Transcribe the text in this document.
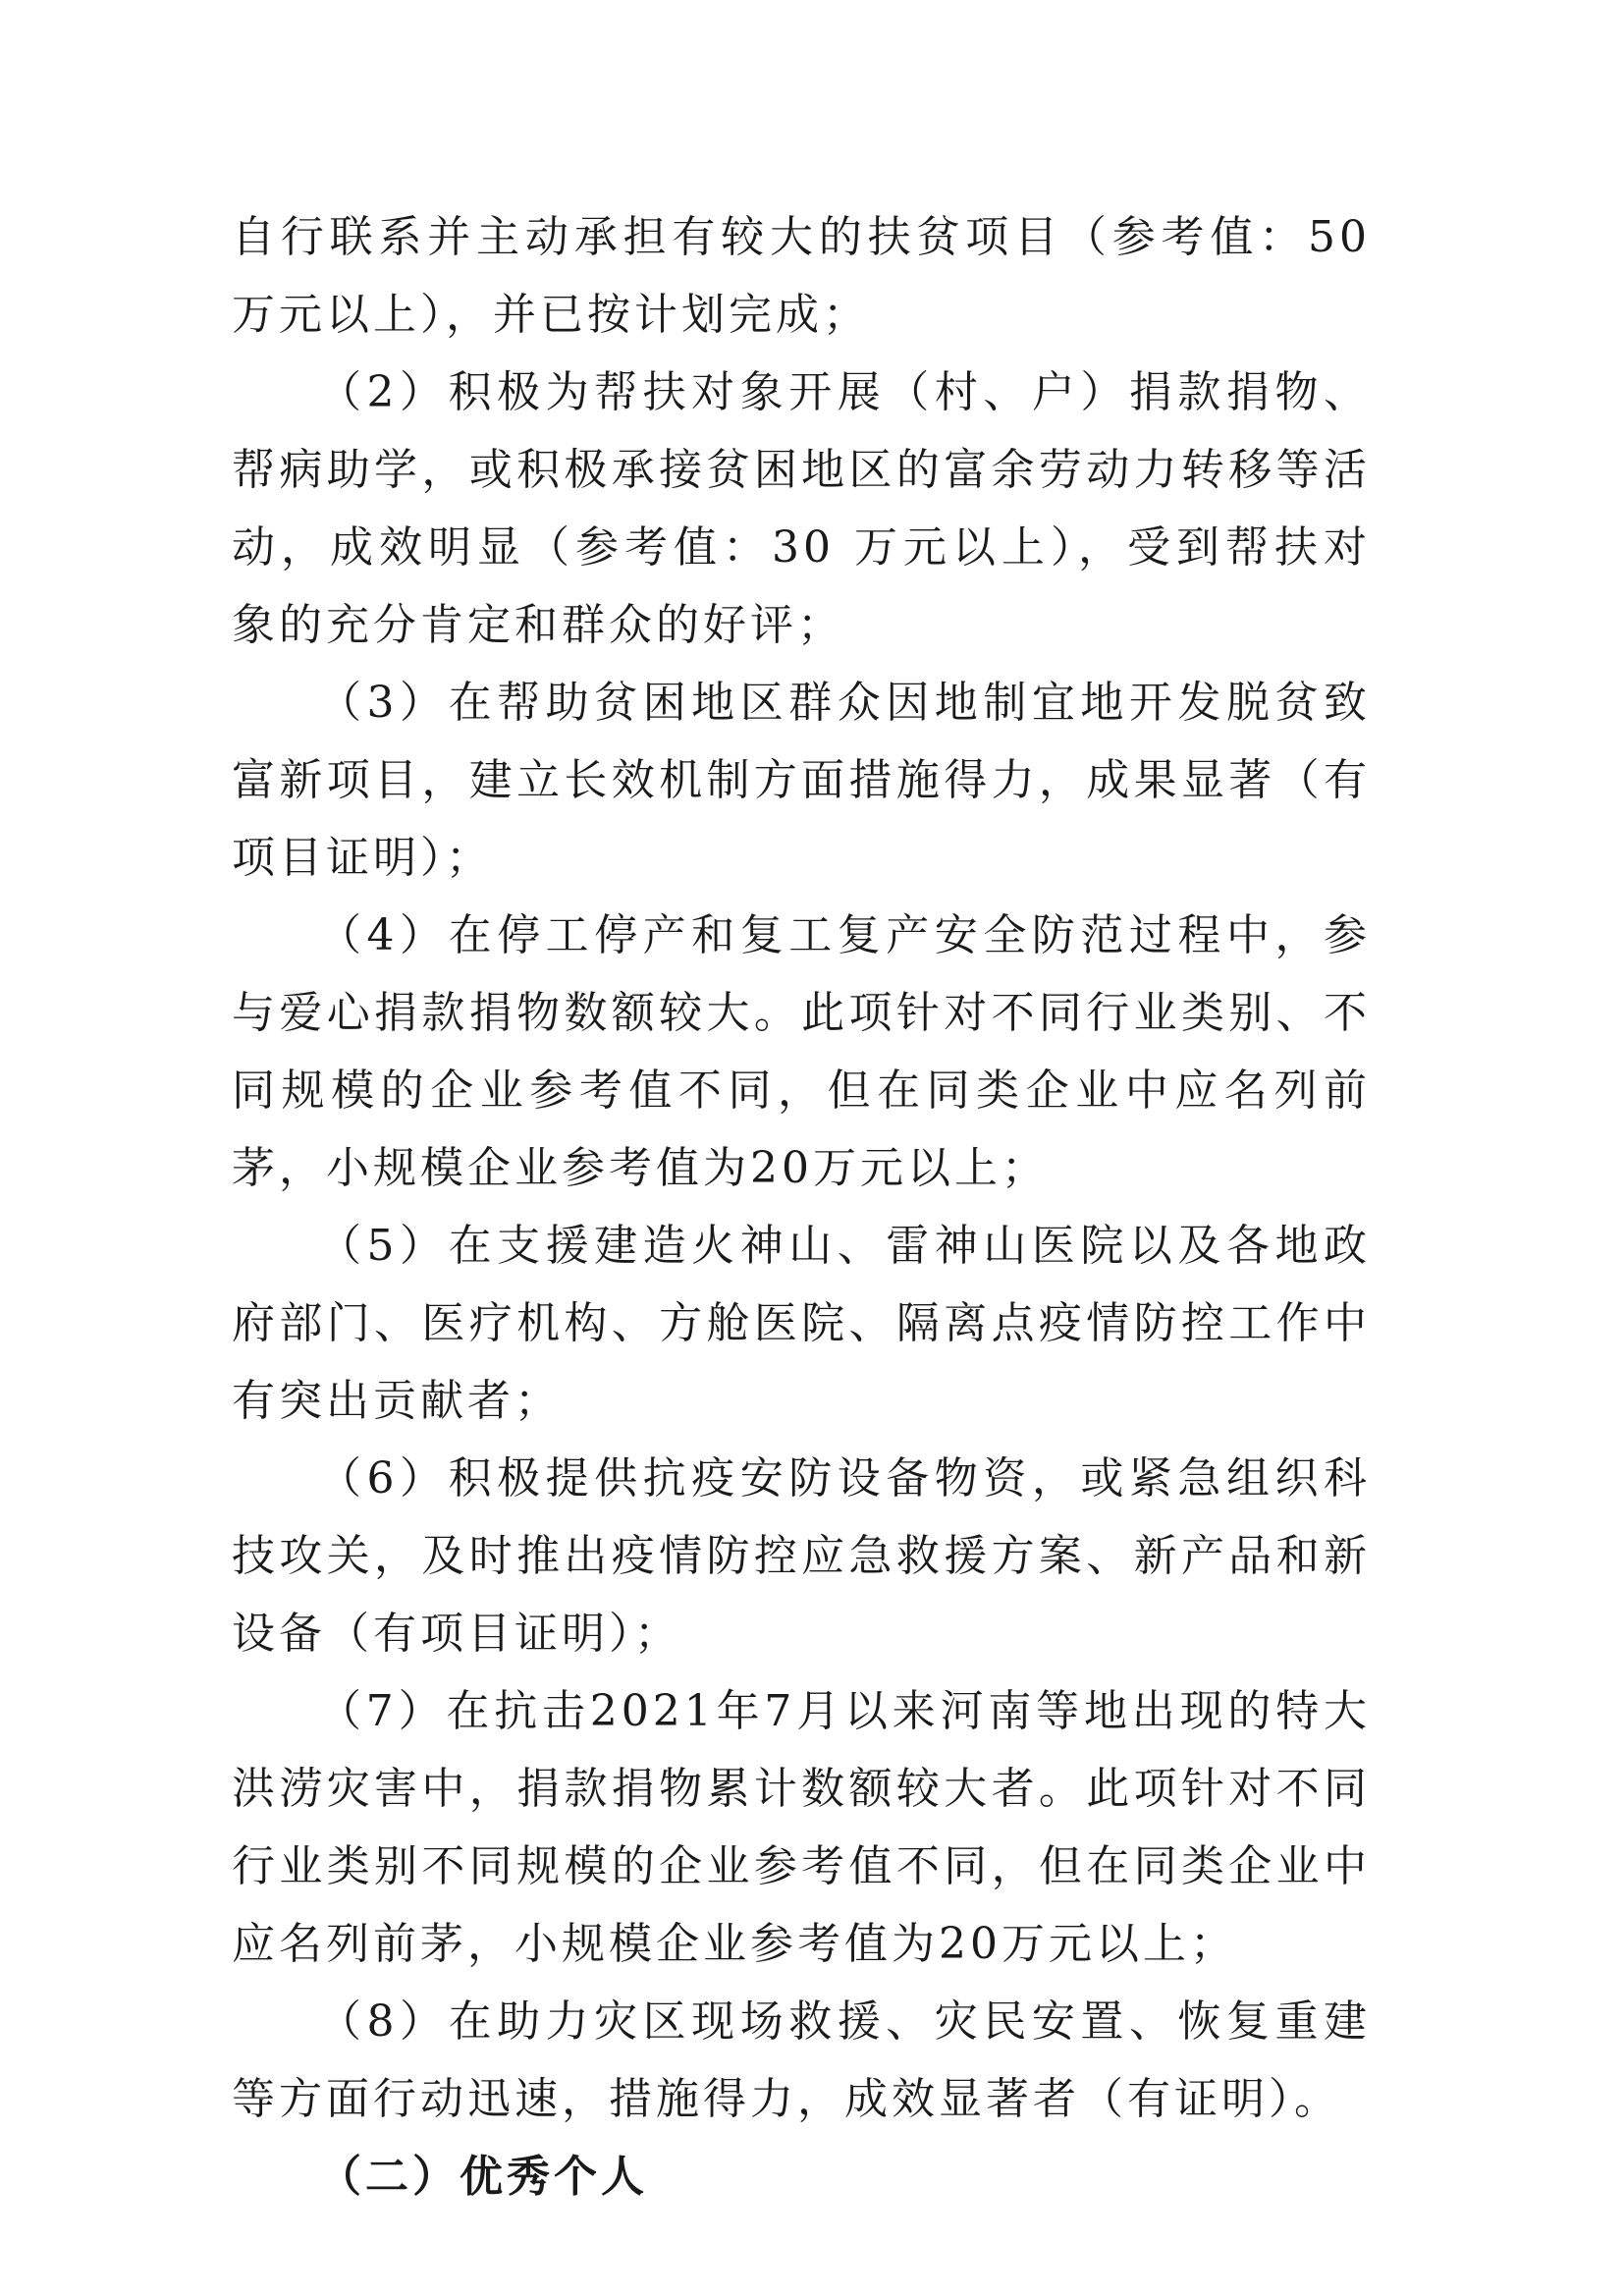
自行联系并主动承担有较大的扶贫项目（参考值：50万元以上），并已按计划完成；

（2）积极为帮扶对象开展（村、户）捐款捐物、帮病助学，或积极承接贫困地区的富余劳动力转移等活动，成效明显（参考值：30 万元以上），受到帮扶对象的充分肯定和群众的好评；

（3）在帮助贫困地区群众因地制宜地开发脱贫致富新项目，建立长效机制方面措施得力，成果显著（有项目证明）；

（4）在停工停产和复工复产安全防范过程中，参与爱心捐款捐物数额较大。此项针对不同行业类别、不同规模的企业参考值不同，但在同类企业中应名列前茅，小规模企业参考值为20万元以上；

（5）在支援建造火神山、雷神山医院以及各地政府部门、医疗机构、方舱医院、隔离点疫情防控工作中有突出贡献者；

（6）积极提供抗疫安防设备物资，或紧急组织科技攻关，及时推出疫情防控应急救援方案、新产品和新设备（有项目证明）；

（7）在抗击2021年7月以来河南等地出现的特大洪涝灾害中，捐款捐物累计数额较大者。此项针对不同行业类别不同规模的企业参考值不同，但在同类企业中应名列前茅，小规模企业参考值为20万元以上；

（8）在助力灾区现场救援、灾民安置、恢复重建等方面行动迅速，措施得力，成效显著者（有证明）。

（二）优秀个人
